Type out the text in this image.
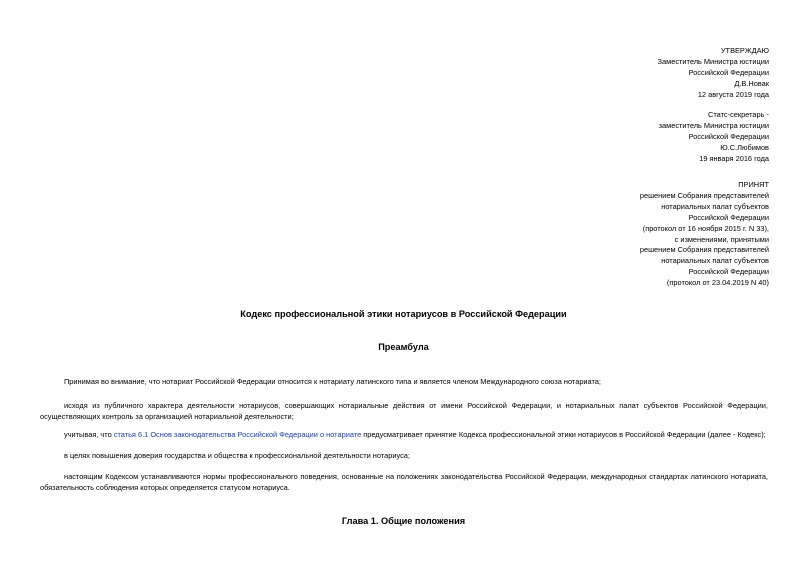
УТВЕРЖДАЮ
Заместитель Министра юстиции
Российской Федерации
Д.В.Новак
12 августа 2019 года
Статс-секретарь -
заместитель Министра юстиции
Российской Федерации
Ю.С.Любимов
19 января 2016 года
ПРИНЯТ
решением Собрания представителей
нотариальных палат субъектов
Российской Федерации
(протокол от 16 ноября 2015 г. N 33),
с изменениями, принятыми
решением Собрания представителей
нотариальных палат субъектов
Российской Федерации
(протокол от 23.04.2019 N 40)
Кодекс профессиональной этики нотариусов в Российской Федерации
Преамбула

Принимая во внимание, что нотариат Российской Федерации относится к нотариату латинского типа и является членом Международного союза нотариата;

исходя из публичного характера деятельности нотариусов, совершающих нотариальные действия от имени Российской Федерации, и нотариальных палат субъектов Российской Федерации, осуществляющих контроль за организацией нотариальной деятельности;

учитывая, что статья 6.1 Основ законодательства Российской Федерации о нотариате предусматривает принятие Кодекса профессиональной этики нотариусов в Российской Федерации (далее - Кодекс);

в целях повышения доверия государства и общества к профессиональной деятельности нотариуса;

настоящим Кодексом устанавливаются нормы профессионального поведения, основанные на положениях законодательства Российской Федерации, международных стандартах латинского нотариата, обязательность соблюдения которых определяется статусом нотариуса.

Глава 1. Общие положения
